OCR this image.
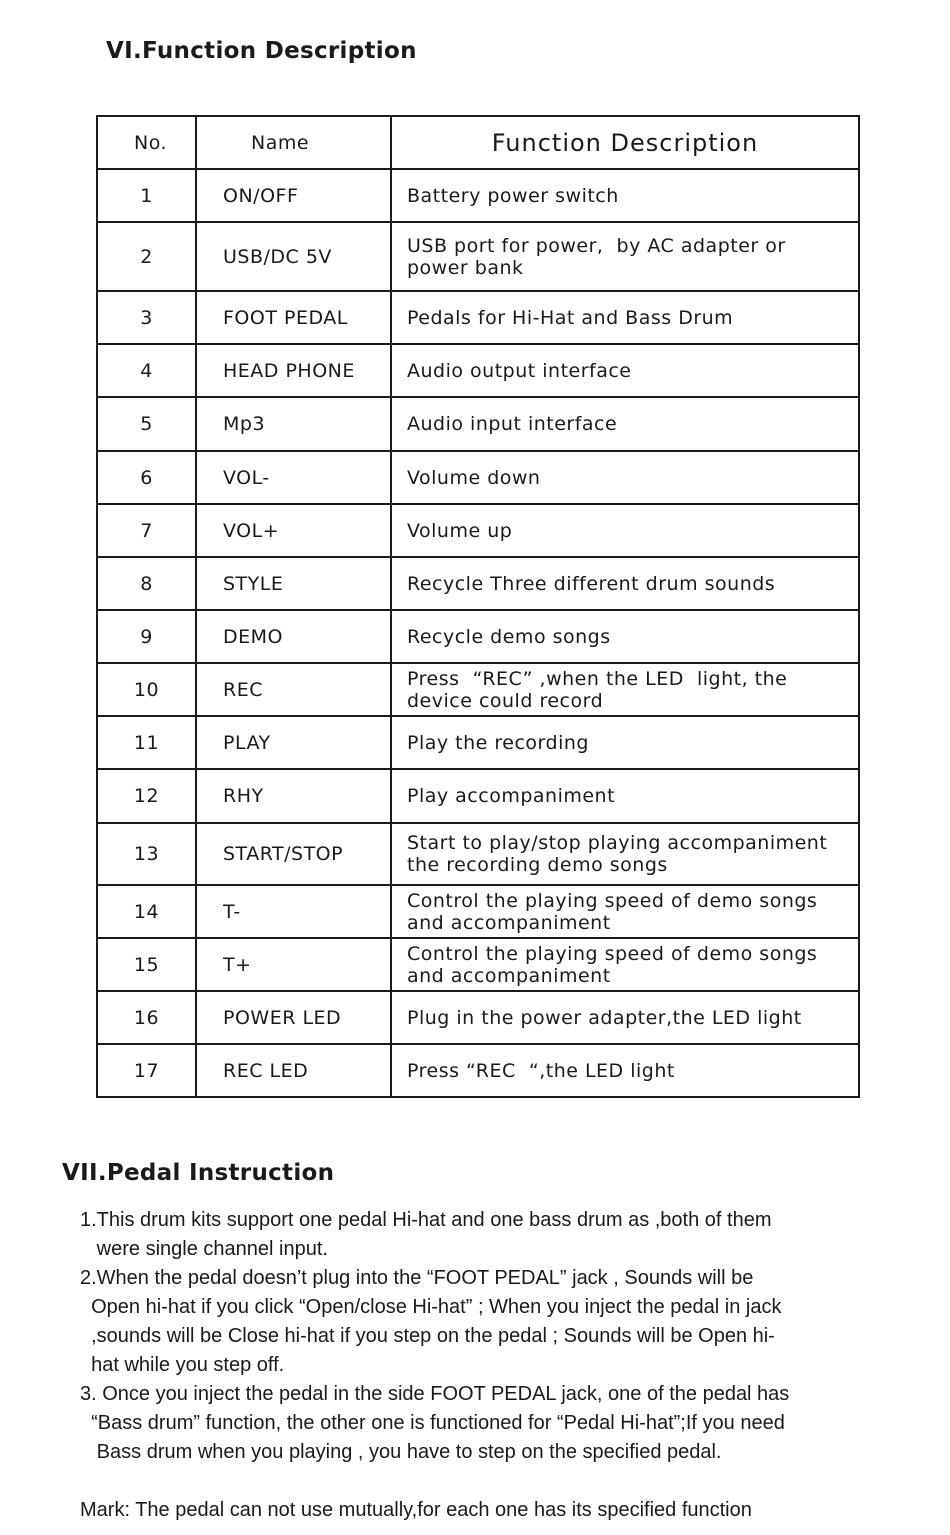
VI.Function Description
No.	Name	Function Description
1	ON/OFF	Battery power switch

2	USB/DC 5V	USB port for power,  by AC adapter or
power bank

3	FOOT PEDAL	Pedals for Hi-Hat and Bass Drum

4	HEAD PHONE	Audio output interface

5	Mp3	Audio input interface

6	VOL-	Volume down

7	VOL+	Volume up

8	STYLE	Recycle Three different drum sounds

9	DEMO	Recycle demo songs

10	REC	Press  “REC” ,when the LED  light, the
device could record

11	PLAY	Play the recording

12	RHY	Play accompaniment

13	START/STOP	Start to play/stop playing accompaniment
the recording demo songs

14	T-	Control the playing speed of demo songs
and accompaniment

15	T+	Control the playing speed of demo songs
and accompaniment

16	POWER LED	Plug in the power adapter,the LED light

17	REC LED	Press “REC  “,the LED light
VII.Pedal Instruction

1.This drum kits support one pedal Hi-hat and one bass drum as ,both of them
were single channel input.

2.When the pedal doesn’t plug into the “FOOT PEDAL” jack , Sounds will be
Open hi-hat if you click “Open/close Hi-hat” ; When you inject the pedal in jack
,sounds will be Close hi-hat if you step on the pedal ; Sounds will be Open hi-
hat while you step off.

3. Once you inject the pedal in the side FOOT PEDAL jack, one of the pedal has
“Bass drum” function, the other one is functioned for “Pedal Hi-hat”;If you need
Bass drum when you playing , you have to step on the specified pedal.

Mark: The pedal can not use mutually,for each one has its specified function
